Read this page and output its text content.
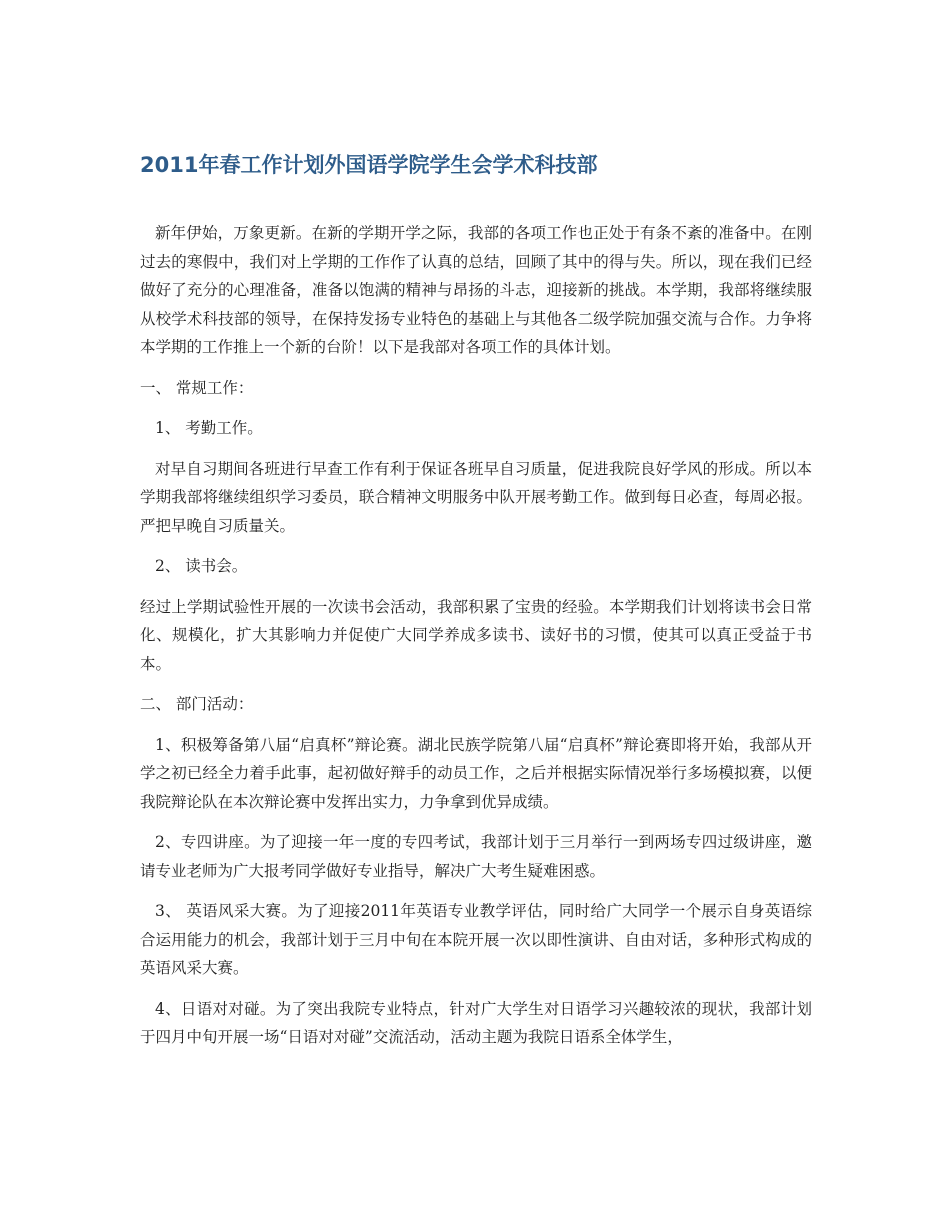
2011年春工作计划外国语学院学生会学术科技部

新年伊始，万象更新。在新的学期开学之际，我部的各项工作也正处于有条不紊的准备中。在刚过去的寒假中，我们对上学期的工作作了认真的总结，回顾了其中的得与失。所以，现在我们已经做好了充分的心理准备，准备以饱满的精神与昂扬的斗志，迎接新的挑战。本学期，我部将继续服从校学术科技部的领导，在保持发扬专业特色的基础上与其他各二级学院加强交流与合作。力争将本学期的工作推上一个新的台阶！以下是我部对各项工作的具体计划。

一、 常规工作：

1、 考勤工作。

对早自习期间各班进行早查工作有利于保证各班早自习质量，促进我院良好学风的形成。所以本学期我部将继续组织学习委员，联合精神文明服务中队开展考勤工作。做到每日必查，每周必报。严把早晚自习质量关。

2、 读书会。

经过上学期试验性开展的一次读书会活动，我部积累了宝贵的经验。本学期我们计划将读书会日常化、规模化，扩大其影响力并促使广大同学养成多读书、读好书的习惯，使其可以真正受益于书本。

二、 部门活动：

1、积极筹备第八届“启真杯”辩论赛。湖北民族学院第八届“启真杯”辩论赛即将开始，我部从开学之初已经全力着手此事，起初做好辩手的动员工作，之后并根据实际情况举行多场模拟赛，以便我院辩论队在本次辩论赛中发挥出实力，力争拿到优异成绩。

2、专四讲座。为了迎接一年一度的专四考试，我部计划于三月举行一到两场专四过级讲座，邀请专业老师为广大报考同学做好专业指导，解决广大考生疑难困惑。

3、 英语风采大赛。为了迎接2011年英语专业教学评估，同时给广大同学一个展示自身英语综合运用能力的机会，我部计划于三月中旬在本院开展一次以即性演讲、自由对话，多种形式构成的英语风采大赛。

4、日语对对碰。为了突出我院专业特点，针对广大学生对日语学习兴趣较浓的现状，我部计划于四月中旬开展一场“日语对对碰”交流活动，活动主题为我院日语系全体学生，
